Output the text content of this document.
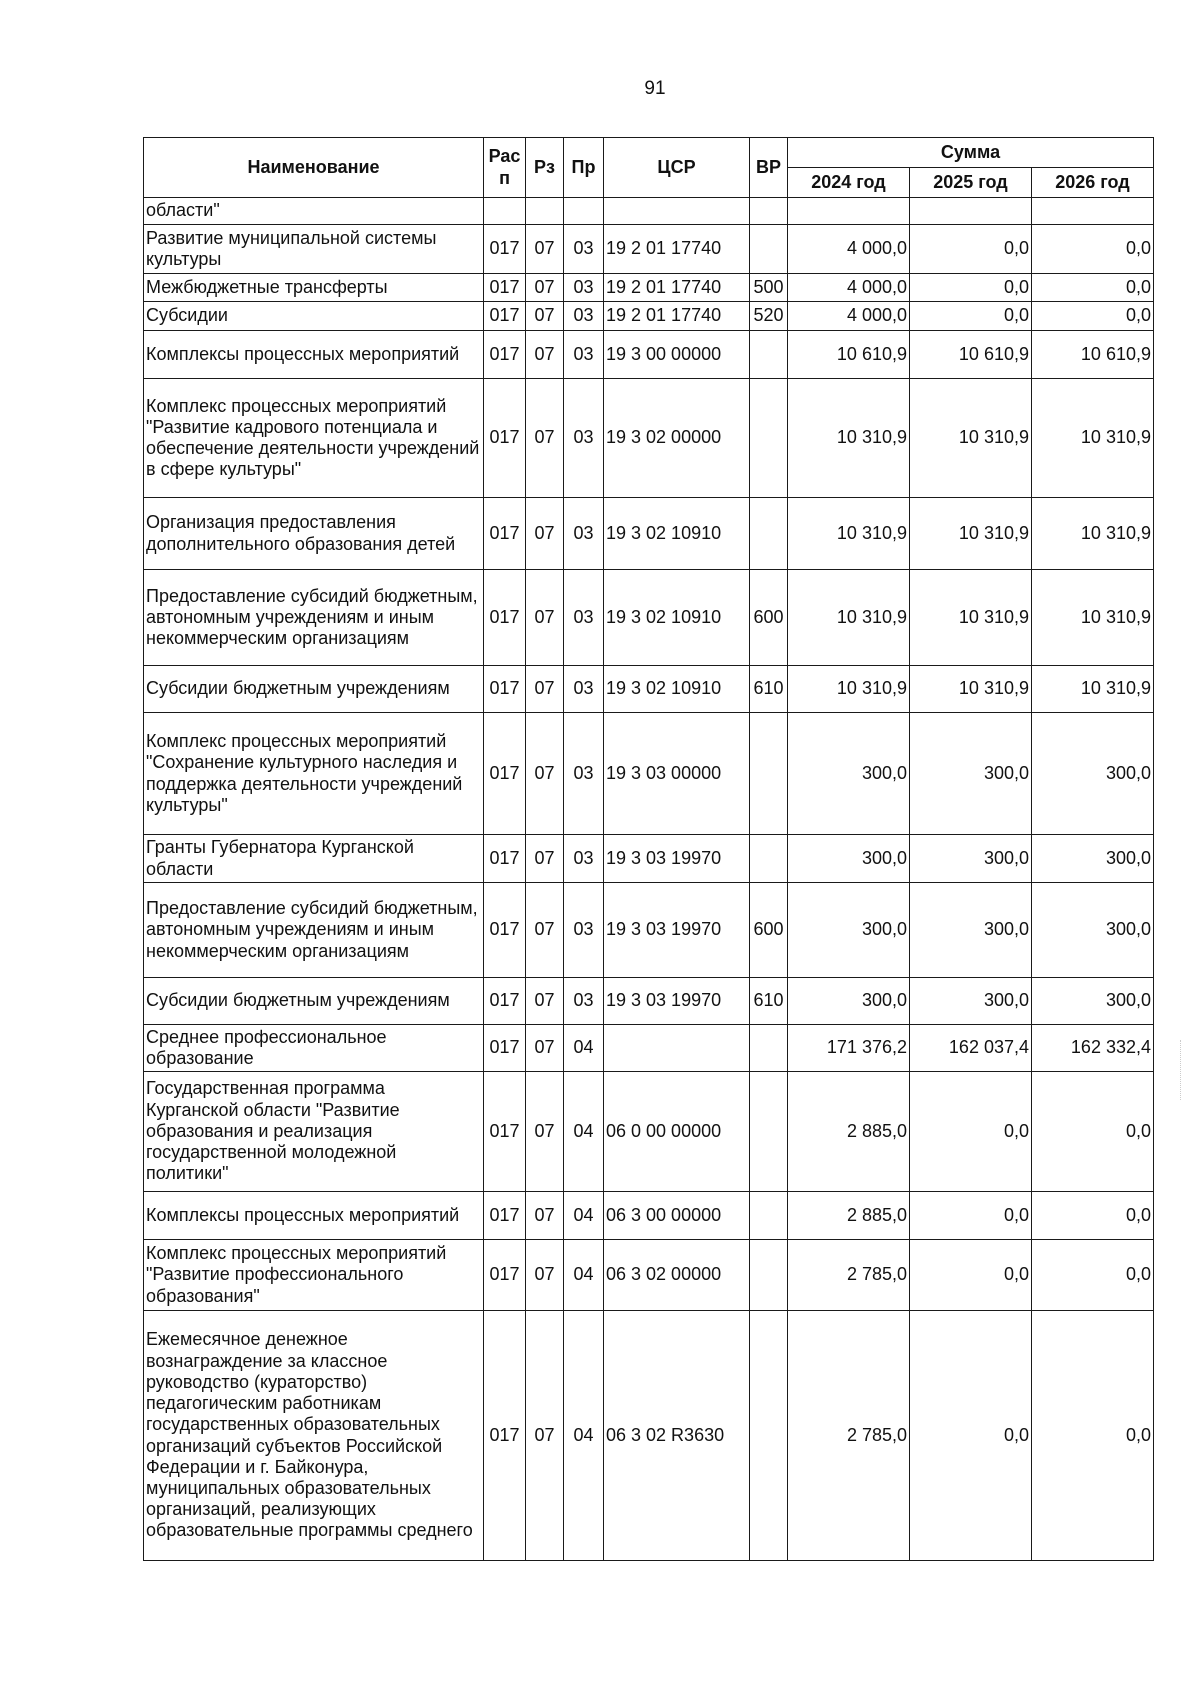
91
Наименование	Рас п	Рз	Пр	ЦСР	ВР	Сумма		
						2024 год	2025 год	2026 год
области"								
Развитие муниципальной системы культуры	017	07	03	19 2 01 17740		4 000,0	0,0	0,0
Межбюджетные трансферты	017	07	03	19 2 01 17740	500	4 000,0	0,0	0,0
Субсидии	017	07	03	19 2 01 17740	520	4 000,0	0,0	0,0
Комплексы процессных мероприятий	017	07	03	19 3 00 00000		10 610,9	10 610,9	10 610,9
Комплекс процессных мероприятий "Развитие кадрового потенциала и обеспечение деятельности учреждений в сфере культуры"	017	07	03	19 3 02 00000		10 310,9	10 310,9	10 310,9
Организация предоставления дополнительного образования детей	017	07	03	19 3 02 10910		10 310,9	10 310,9	10 310,9
Предоставление субсидий бюджетным, автономным учреждениям и иным некоммерческим организациям	017	07	03	19 3 02 10910	600	10 310,9	10 310,9	10 310,9
Субсидии бюджетным учреждениям	017	07	03	19 3 02 10910	610	10 310,9	10 310,9	10 310,9
Комплекс процессных мероприятий "Сохранение культурного наследия и поддержка деятельности учреждений культуры"	017	07	03	19 3 03 00000		300,0	300,0	300,0
Гранты Губернатора Курганской области	017	07	03	19 3 03 19970		300,0	300,0	300,0
Предоставление субсидий бюджетным, автономным учреждениям и иным некоммерческим организациям	017	07	03	19 3 03 19970	600	300,0	300,0	300,0
Субсидии бюджетным учреждениям	017	07	03	19 3 03 19970	610	300,0	300,0	300,0
Среднее профессиональное образование	017	07	04			171 376,2	162 037,4	162 332,4
Государственная программа Курганской области "Развитие образования и реализация государственной молодежной политики"	017	07	04	06 0 00 00000		2 885,0	0,0	0,0
Комплексы процессных мероприятий	017	07	04	06 3 00 00000		2 885,0	0,0	0,0
Комплекс процессных мероприятий "Развитие профессионального образования"	017	07	04	06 3 02 00000		2 785,0	0,0	0,0
Ежемесячное денежное вознаграждение за классное руководство (кураторство) педагогическим работникам государственных образовательных организаций субъектов Российской Федерации и г. Байконура, муниципальных образовательных организаций, реализующих образовательные программы среднего	017	07	04	06 3 02 R3630		2 785,0	0,0	0,0
